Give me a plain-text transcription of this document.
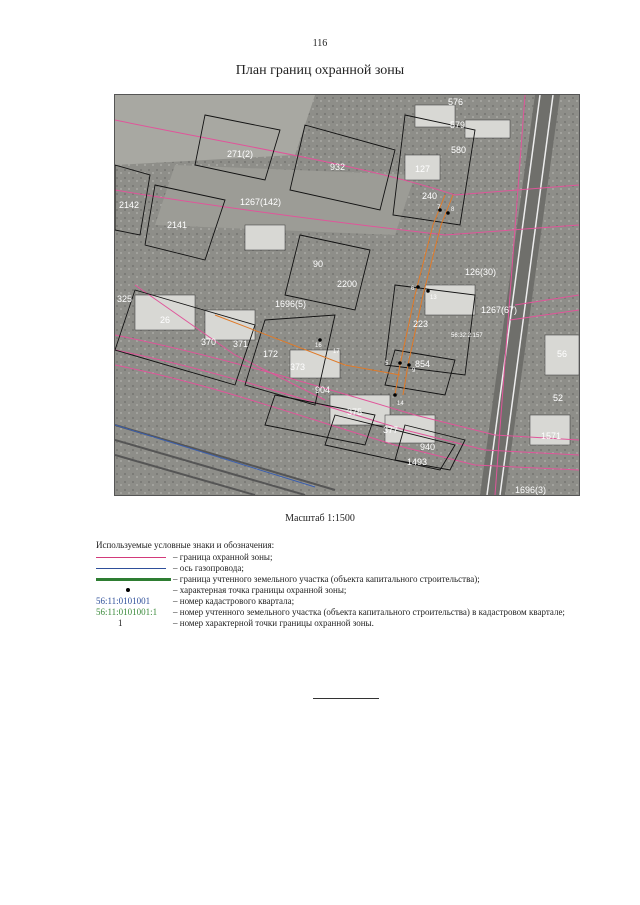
116
План границ охранной зоны
576
579
580
127
240
271(2)
932
2142
2141
1267(142)
90
2200
126(30)
223
1267(67)
56:32:2.157
1696(5)
26
370 371
172
373
904
375
377
854
940
1493
1571
52
56
1696(3)
325
7 8
6
16
13
9
5
17
14
Масштаб 1:1500
Используемые условные знаки и обозначения:
– граница охранной зоны;
– ось газопровода;
– граница учтенного земельного участка (объекта капитального строительства);
– характерная точка границы охранной зоны;
56:11:0101001	– номер кадастрового квартала;
56:11:0101001:1	– номер учтенного земельного участка (объекта капитального строительства) в кадастровом квартале;
1	– номер характерной точки границы охранной зоны.
